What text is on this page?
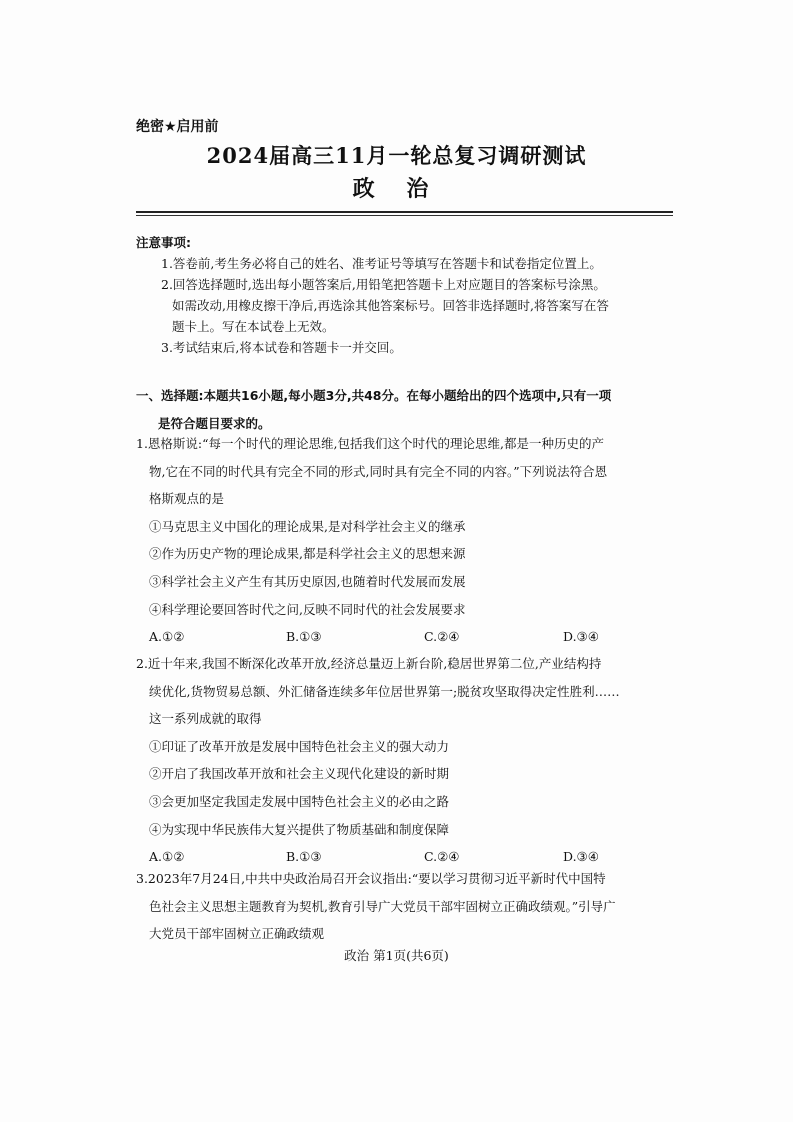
绝密★启用前
2024届高三11月一轮总复习调研测试
政 治
注意事项:
1.答卷前,考生务必将自己的姓名、准考证号等填写在答题卡和试卷指定位置上。
2.回答选择题时,选出每小题答案后,用铅笔把答题卡上对应题目的答案标号涂黑。
如需改动,用橡皮擦干净后,再选涂其他答案标号。回答非选择题时,将答案写在答
题卡上。写在本试卷上无效。
3.考试结束后,将本试卷和答题卡一并交回。
一、选择题:本题共16小题,每小题3分,共48分。在每小题给出的四个选项中,只有一项
是符合题目要求的。
1.恩格斯说:“每一个时代的理论思维,包括我们这个时代的理论思维,都是一种历史的产
物,它在不同的时代具有完全不同的形式,同时具有完全不同的内容。”下列说法符合恩
格斯观点的是
①马克思主义中国化的理论成果,是对科学社会主义的继承
②作为历史产物的理论成果,都是科学社会主义的思想来源
③科学社会主义产生有其历史原因,也随着时代发展而发展
④科学理论要回答时代之问,反映不同时代的社会发展要求
A.①②	B.①③	C.②④	D.③④
2.近十年来,我国不断深化改革开放,经济总量迈上新台阶,稳居世界第二位,产业结构持
续优化,货物贸易总额、外汇储备连续多年位居世界第一;脱贫攻坚取得决定性胜利……
这一系列成就的取得
①印证了改革开放是发展中国特色社会主义的强大动力
②开启了我国改革开放和社会主义现代化建设的新时期
③会更加坚定我国走发展中国特色社会主义的必由之路
④为实现中华民族伟大复兴提供了物质基础和制度保障
A.①②	B.①③	C.②④	D.③④
3.2023年7月24日,中共中央政治局召开会议指出:“要以学习贯彻习近平新时代中国特
色社会主义思想主题教育为契机,教育引导广大党员干部牢固树立正确政绩观。”引导广
大党员干部牢固树立正确政绩观
政治 第1页(共6页)
